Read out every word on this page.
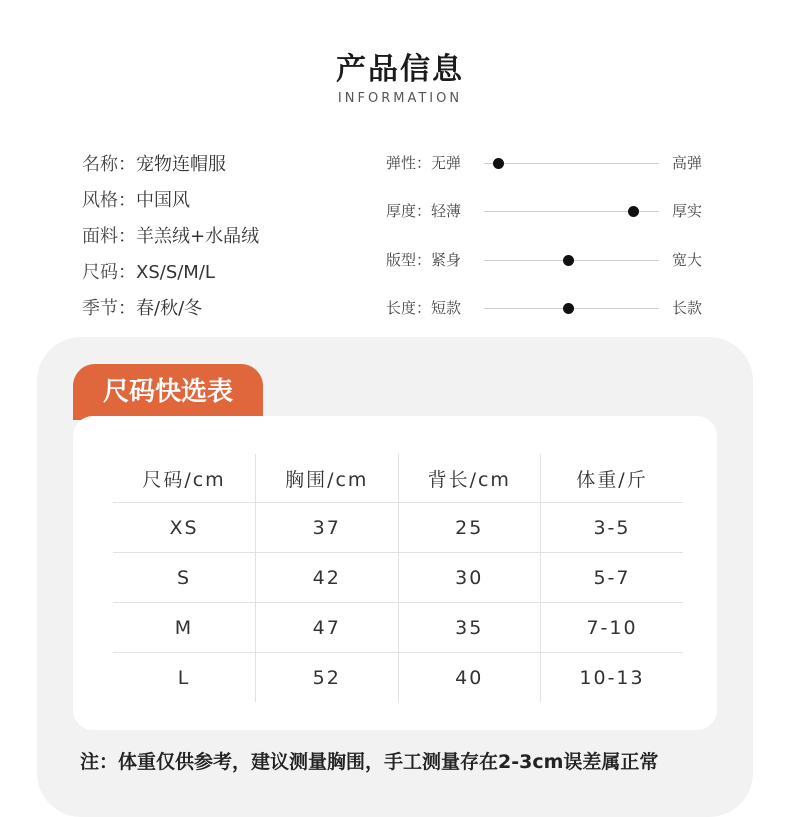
产品信息
INFORMATION
名称：宠物连帽服
风格：中国风
面料：羊羔绒+水晶绒
尺码：XS/S/M/L
季节：春/秋/冬
弹性：无弹	高弹
厚度：轻薄	厚实
版型：紧身	宽大
长度：短款	长款
尺码快选表
尺码/cm	胸围/cm	背长/cm	体重/斤
XS	37	25	3-5
S	42	30	5-7
M	47	35	7-10
L	52	40	10-13
注：体重仅供参考，建议测量胸围，手工测量存在2-3cm误差属正常
